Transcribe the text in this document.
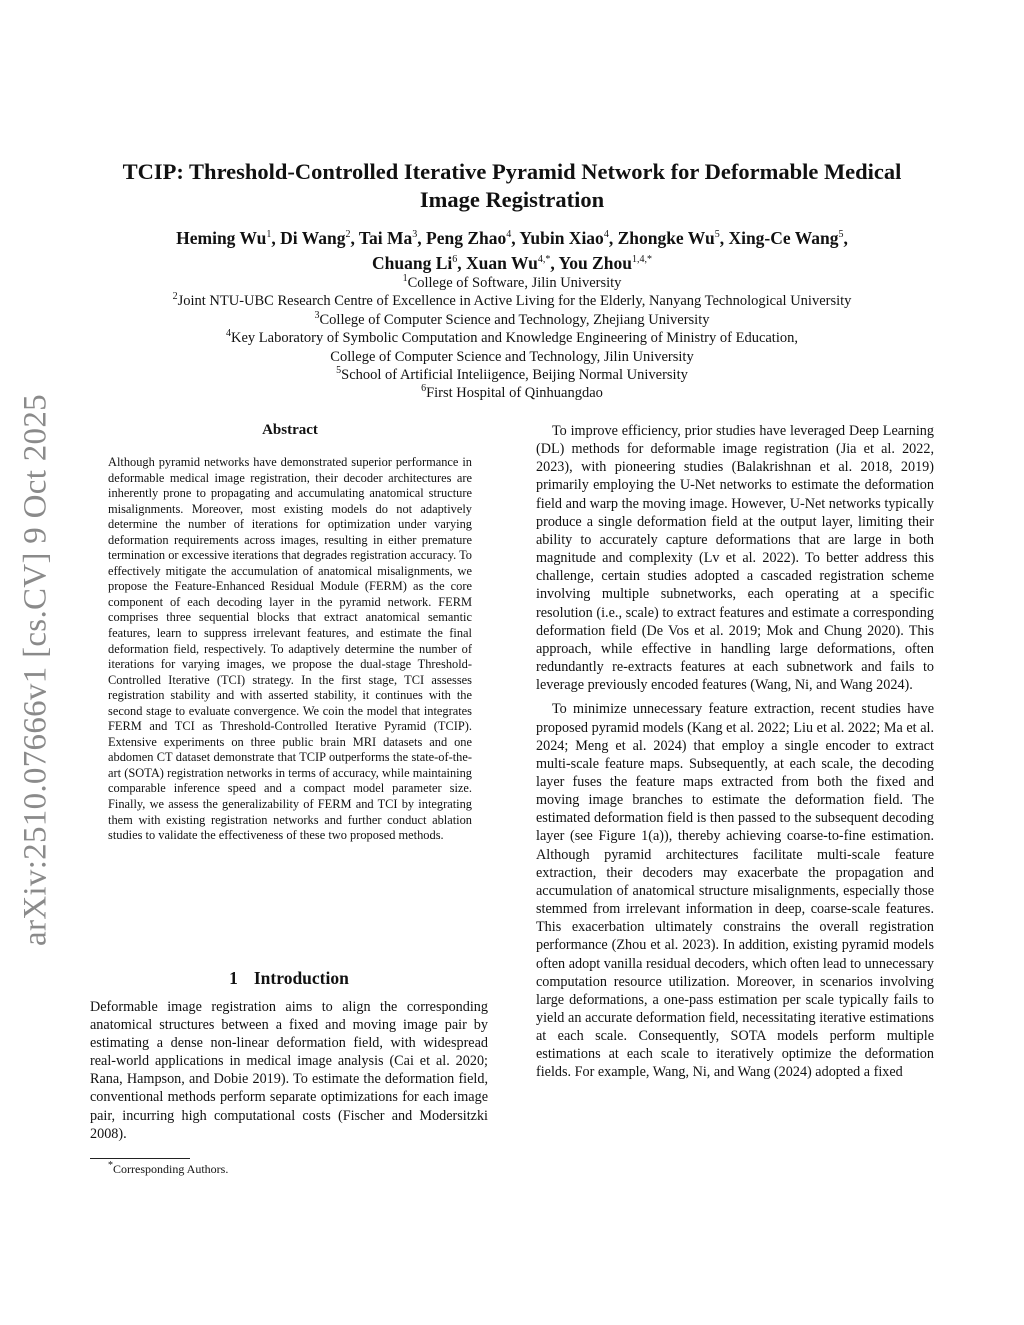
arXiv:2510.07666v1 [cs.CV] 9 Oct 2025
TCIP: Threshold-Controlled Iterative Pyramid Network for Deformable Medical Image Registration
Heming Wu$^1$, Di Wang$^2$, Tai Ma$^3$, Peng Zhao$^4$, Yubin Xiao$^4$, Zhongke Wu$^5$, Xing-Ce Wang$^5$,
Chuang Li$^6$, Xuan $Wu^{4,*}$, You Zhou$^{1,4,*}$
$^1$College of Software, Jilin University
$^2$Joint NTU-UBC Research Centre of Excellence in Active Living for the Elderly, Nanyang Technological University
$^3$College of Computer Science and Technology, Zhejiang University
$^4$Key Laboratory of Symbolic Computation and Knowledge Engineering of Ministry of Education,
College of Computer Science and Technology, Jilin University
$^5$School of Artificial Inteliigence, Beijing Normal University
$^6$First Hospital of Qinhuangdao
Abstract

Although pyramid networks have demonstrated superior performance in deformable medical image registration, their decoder architectures are inherently prone to propagating and accumulating anatomical structure misalignments. Moreover, most existing models do not adaptively determine the number of iterations for optimization under varying deformation requirements across images, resulting in either premature termination or excessive iterations that degrades registration accuracy. To effectively mitigate the accumulation of anatomical misalignments, we propose the Feature-Enhanced Residual Module (FERM) as the core component of each decoding layer in the pyramid network. FERM comprises three sequential blocks that extract anatomical semantic features, learn to suppress irrelevant features, and estimate the final deformation field, respectively. To adaptively determine the number of iterations for varying images, we propose the dual-stage Threshold-Controlled Iterative (TCI) strategy. In the first stage, TCI assesses registration stability and with asserted stability, it continues with the second stage to evaluate convergence. We coin the model that integrates FERM and TCI as Threshold-Controlled Iterative Pyramid (TCIP). Extensive experiments on three public brain MRI datasets and one abdomen CT dataset demonstrate that TCIP outperforms the state-of-the-art (SOTA) registration networks in terms of accuracy, while maintaining comparable inference speed and a compact model parameter size. Finally, we assess the generalizability of FERM and TCI by integrating them with existing registration networks and further conduct ablation studies to validate the effectiveness of these two proposed methods.

1 Introduction

Deformable image registration aims to align the corresponding anatomical structures between a fixed and moving image pair by estimating a dense non-linear deformation field, with widespread real-world applications in medical image analysis (Cai et al. 2020; Rana, Hampson, and Dobie 2019). To estimate the deformation field, conventional methods perform separate optimizations for each image pair, incurring high computational costs (Fischer and Modersitzki 2008).

*Corresponding Authors.

To improve efficiency, prior studies have leveraged Deep Learning (DL) methods for deformable image registration (Jia et al. 2022, 2023), with pioneering studies (Balakrishnan et al. 2018, 2019) primarily employing the U-Net networks to estimate the deformation field and warp the moving image. However, U-Net networks typically produce a single deformation field at the output layer, limiting their ability to accurately capture deformations that are large in both magnitude and complexity (Lv et al. 2022). To better address this challenge, certain studies adopted a cascaded registration scheme involving multiple subnetworks, each operating at a specific resolution (i.e., scale) to extract features and estimate a corresponding deformation field (De Vos et al. 2019; Mok and Chung 2020). This approach, while effective in handling large deformations, often redundantly re-extracts features at each subnetwork and fails to leverage previously encoded features (Wang, Ni, and Wang 2024).

To minimize unnecessary feature extraction, recent studies have proposed pyramid models (Kang et al. 2022; Liu et al. 2022; Ma et al. 2024; Meng et al. 2024) that employ a single encoder to extract multi-scale feature maps. Subsequently, at each scale, the decoding layer fuses the feature maps extracted from both the fixed and moving image branches to estimate the deformation field. The estimated deformation field is then passed to the subsequent decoding layer (see Figure 1(a)), thereby achieving coarse-to-fine estimation. Although pyramid architectures facilitate multi-scale feature extraction, their decoders may exacerbate the propagation and accumulation of anatomical structure misalignments, especially those stemmed from irrelevant information in deep, coarse-scale features. This exacerbation ultimately constrains the overall registration performance (Zhou et al. 2023). In addition, existing pyramid models often adopt vanilla residual decoders, which often lead to unnecessary computation resource utilization. Moreover, in scenarios involving large deformations, a one-pass estimation per scale typically fails to yield an accurate deformation field, necessitating iterative estimations at each scale. Consequently, SOTA models perform multiple estimations at each scale to iteratively optimize the deformation fields. For example, Wang, Ni, and Wang (2024) adopted a fixed
